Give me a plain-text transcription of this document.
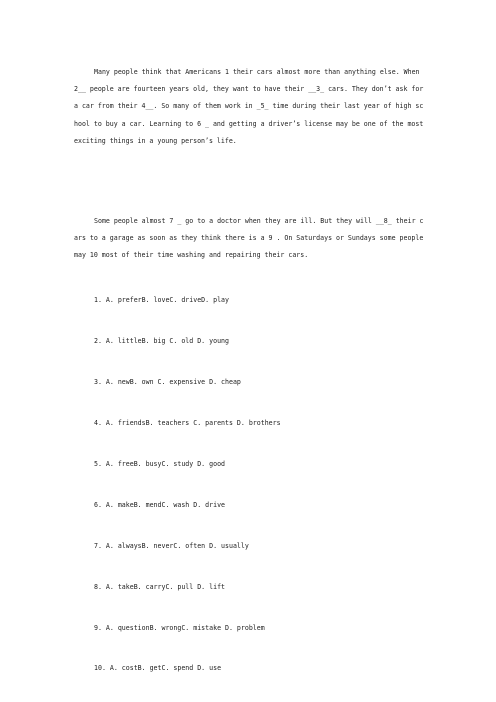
Many people think that Americans 1 their cars almost more than anything else. When 2__ people are fourteen years old, they want to have their __3_ cars. They don’t ask for a car from their 4__. So many of them work in _5_ time during their last year of high school to buy a car. Learning to 6 _ and getting a driver’s license may be one of the most exciting things in a young person’s life.

Some people almost 7 _ go to a doctor when they are ill. But they will __8_ their cars to a garage as soon as they think there is a 9 . On Saturdays or Sundays some people may 10 most of their time washing and repairing their cars.

1. A. preferB. loveC. driveD. play
2. A. littleB. big C. old D. young
3. A. newB. own C. expensive D. cheap
4. A. friendsB. teachers C. parents D. brothers
5. A. freeB. busyC. study D. good
6. A. makeB. mendC. wash D. drive
7. A. alwaysB. neverC. often D. usually
8. A. takeB. carryC. pull D. lift
9. A. questionB. wrongC. mistake D. problem
10. A. costB. getC. spend D. use
